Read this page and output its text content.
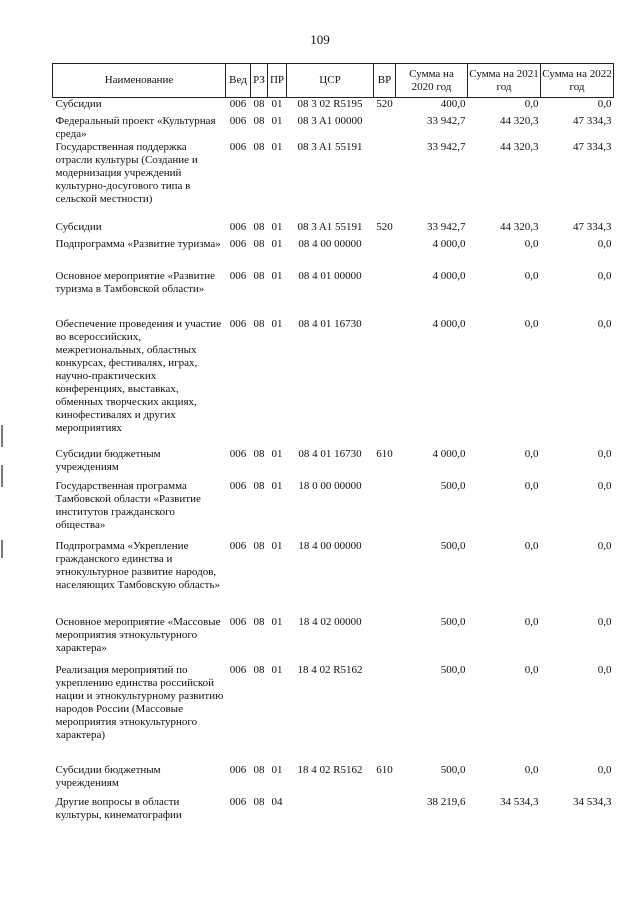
109
Наименование	Вед	РЗ	ПР	ЦСР	ВР	Сумма на 2020 год	Сумма на 2021 год	Сумма на 2022 год
Субсидии	006	08	01	08 3 02 R5195	520	400,0	0,0	0,0
Федеральный проект «Культурная среда»	006	08	01	08 3 A1 00000		33 942,7	44 320,3	47 334,3
Государственная поддержка отрасли культуры (Создание и модернизация учреждений культурно-досугового типа в сельской местности)	006	08	01	08 3 A1 55191		33 942,7	44 320,3	47 334,3
Субсидии	006	08	01	08 3 A1 55191	520	33 942,7	44 320,3	47 334,3
Подпрограмма «Развитие туризма»	006	08	01	08 4 00 00000		4 000,0	0,0	0,0
Основное мероприятие «Развитие туризма в Тамбовской области»	006	08	01	08 4 01 00000		4 000,0	0,0	0,0
Обеспечение проведения и участие во всероссийских, межрегиональных, областных конкурсах, фестивалях, играх, научно-практических конференциях, выставках, обменных творческих акциях, кинофестивалях и других мероприятиях	006	08	01	08 4 01 16730		4 000,0	0,0	0,0
Субсидии бюджетным учреждениям	006	08	01	08 4 01 16730	610	4 000,0	0,0	0,0
Государственная программа Тамбовской области «Развитие институтов гражданского общества»	006	08	01	18 0 00 00000		500,0	0,0	0,0
Подпрограмма «Укрепление гражданского единства и этнокультурное развитие народов, населяющих Тамбовскую область»	006	08	01	18 4 00 00000		500,0	0,0	0,0
Основное мероприятие «Массовые мероприятия этнокультурного характера»	006	08	01	18 4 02 00000		500,0	0,0	0,0
Реализация мероприятий по укреплению единства российской нации и этнокультурному развитию народов России (Массовые мероприятия этнокультурного характера)	006	08	01	18 4 02 R5162		500,0	0,0	0,0
Субсидии бюджетным учреждениям	006	08	01	18 4 02 R5162	610	500,0	0,0	0,0
Другие вопросы в области культуры, кинематографии	006	08	04			38 219,6	34 534,3	34 534,3
